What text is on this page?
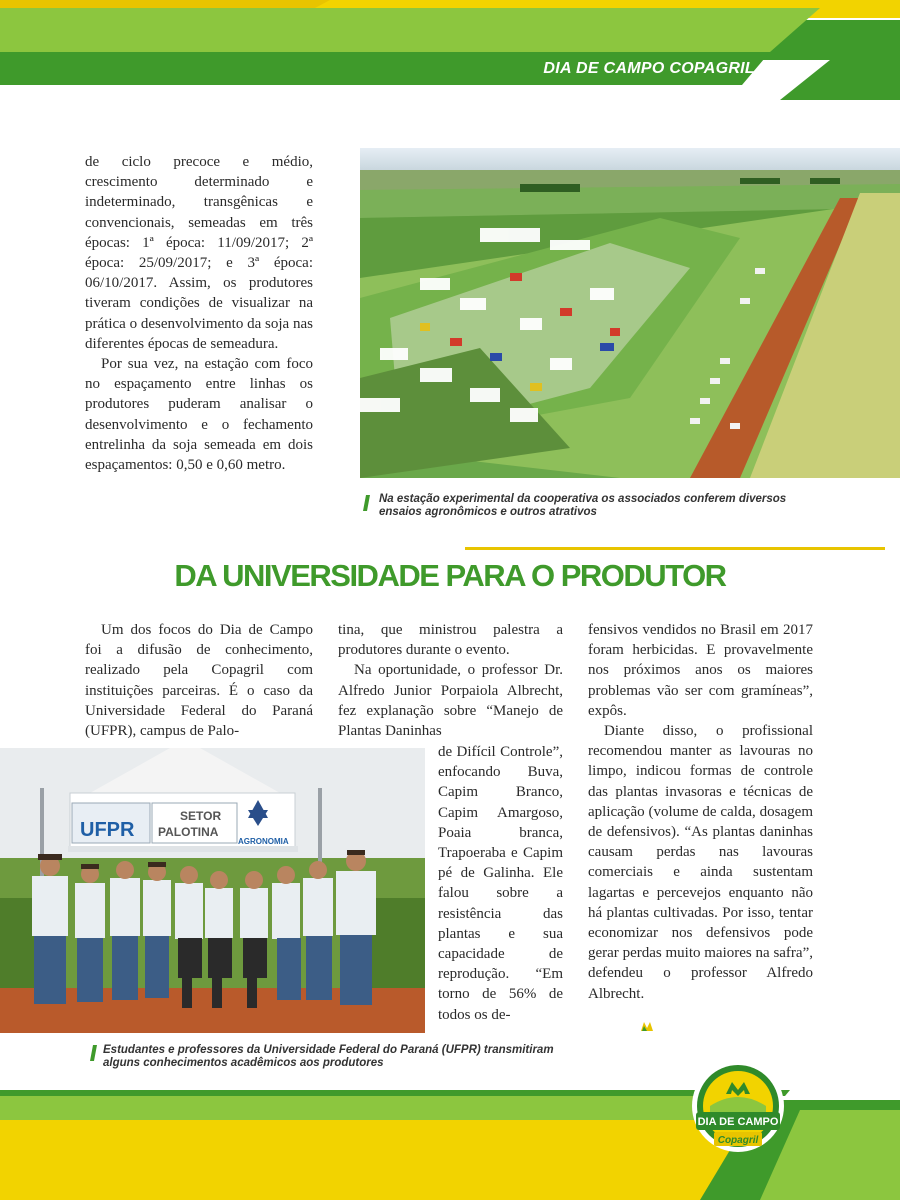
DIA DE CAMPO COPAGRIL

de ciclo precoce e médio, crescimento determinado e indeterminado, transgênicas e convencionais, semeadas em três épocas: 1ª época: 11/09/2017; 2ª época: 25/09/2017; e 3ª época: 06/10/2017. Assim, os produtores tiveram condições de visualizar na prática o desenvolvimento da soja nas diferentes épocas de semeadura.

Por sua vez, na estação com foco no espaçamento entre linhas os produtores puderam analisar o desenvolvimento e o fechamento entrelinha da soja semeada em dois espaçamentos: 0,50 e 0,60 metro.

Na estação experimental da cooperativa os associados conferem diversos ensaios agronômicos e outros atrativos
DA UNIVERSIDADE PARA O PRODUTOR

Um dos focos do Dia de Campo foi a difusão de conhecimento, realizado pela Copagril com instituições parceiras. É o caso da Universidade Federal do Paraná (UFPR), campus de Palo-

tina, que ministrou palestra a produtores durante o evento.

Na oportunidade, o professor Dr. Alfredo Junior Porpaiola Albrecht, fez explanação sobre “Manejo de Plantas Daninhas

de Difícil Controle”, enfocando Buva, Capim Branco, Capim Amargoso, Poaia branca, Trapoeraba e Capim pé de Galinha. Ele falou sobre a resistência das plantas e sua capacidade de reprodução. “Em torno de 56% de todos os de-

fensivos vendidos no Brasil em 2017 foram herbicidas. E provavelmente nos próximos anos os maiores problemas vão ser com gramíneas”, expôs.

Diante disso, o profissional recomendou manter as lavouras no limpo, indicou formas de controle das plantas invasoras e técnicas de aplicação (volume de calda, dosagem de defensivos). “As plantas daninhas causam perdas nas lavouras comerciais e ainda sustentam lagartas e percevejos enquanto não há plantas cultivadas. Por isso, tentar economizar nos defensivos pode gerar perdas muito maiores na safra”, defendeu o professor Alfredo Albrecht.

UFPR
SETOR
PALOTINA
AGRONOMIA
Estudantes e professores da Universidade Federal do Paraná (UFPR) transmitiram alguns conhecimentos acadêmicos aos produtores
DIA DE CAMPO
Copagril
